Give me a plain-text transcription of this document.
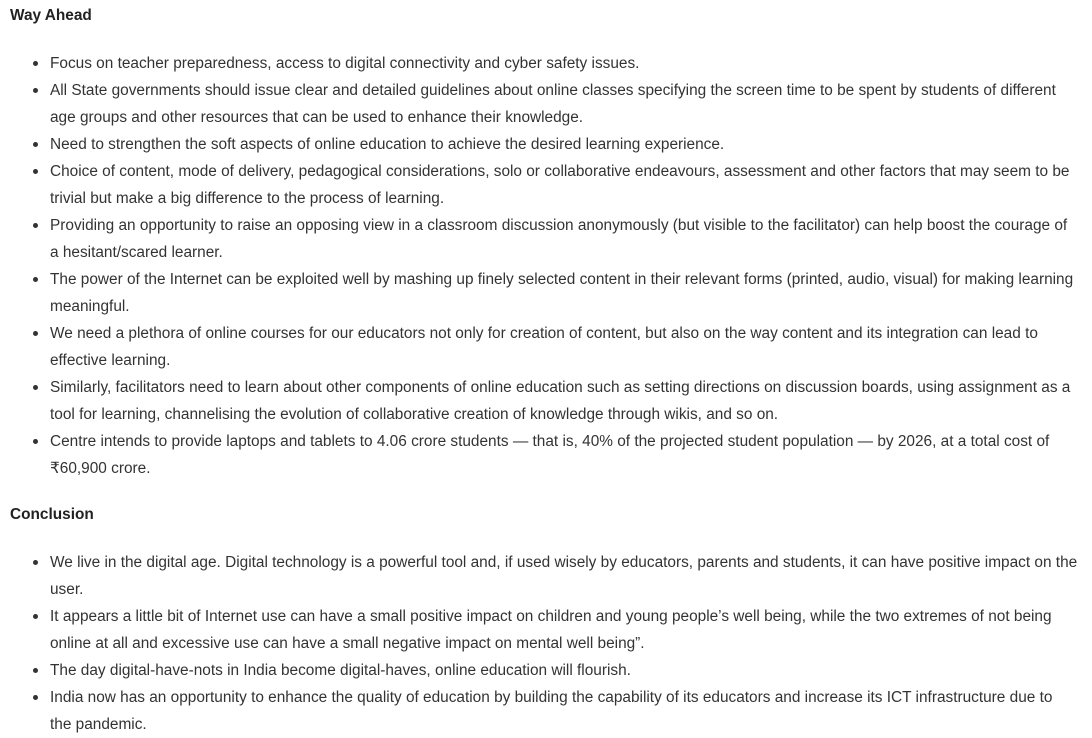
Way Ahead
Focus on teacher preparedness, access to digital connectivity and cyber safety issues.
All State governments should issue clear and detailed guidelines about online classes specifying the screen time to be spent by students of different age groups and other resources that can be used to enhance their knowledge.
Need to strengthen the soft aspects of online education to achieve the desired learning experience.
Choice of content, mode of delivery, pedagogical considerations, solo or collaborative endeavours, assessment and other factors that may seem to be trivial but make a big difference to the process of learning.
Providing an opportunity to raise an opposing view in a classroom discussion anonymously (but visible to the facilitator) can help boost the courage of a hesitant/scared learner.
The power of the Internet can be exploited well by mashing up finely selected content in their relevant forms (printed, audio, visual) for making learning meaningful.
We need a plethora of online courses for our educators not only for creation of content, but also on the way content and its integration can lead to effective learning.
Similarly, facilitators need to learn about other components of online education such as setting directions on discussion boards, using assignment as a tool for learning, channelising the evolution of collaborative creation of knowledge through wikis, and so on.
Centre intends to provide laptops and tablets to 4.06 crore students — that is, 40% of the projected student population — by 2026, at a total cost of ₹60,900 crore.
Conclusion
We live in the digital age. Digital technology is a powerful tool and, if used wisely by educators, parents and students, it can have positive impact on the user.
It appears a little bit of Internet use can have a small positive impact on children and young people’s well being, while the two extremes of not being online at all and excessive use can have a small negative impact on mental well being”.
The day digital-have-nots in India become digital-haves, online education will flourish.
India now has an opportunity to enhance the quality of education by building the capability of its educators and increase its ICT infrastructure due to the pandemic.
